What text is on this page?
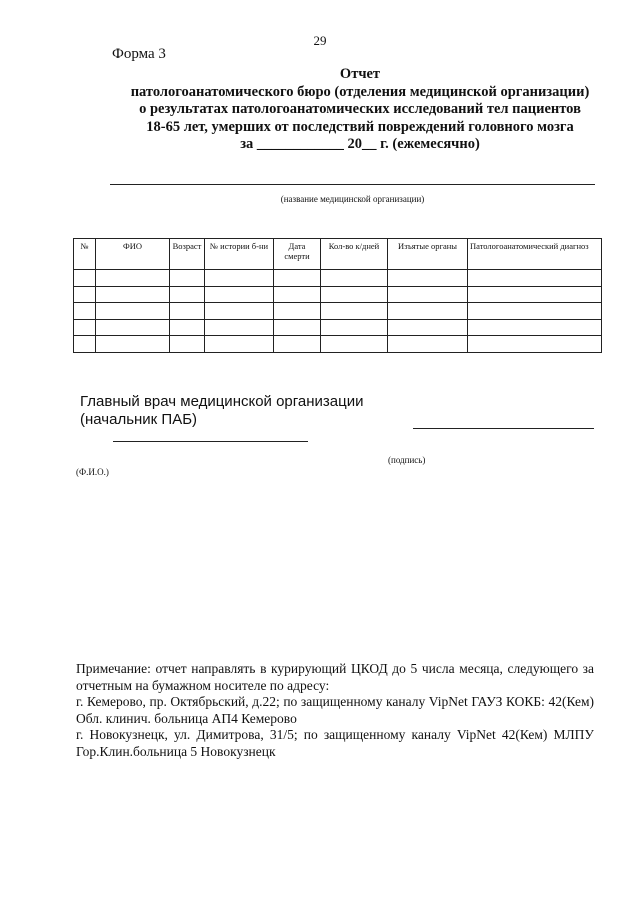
29
Форма 3
Отчет
патологоанатомического бюро (отделения медицинской организации)
о результатах патологоанатомических исследований тел пациентов
18-65 лет, умерших от последствий повреждений головного мозга
за ____________ 20__ г. (ежемесячно)
(название медицинской организации)
№	ФИО	Возраст	№ истории б-ни	Дата смерти	Кол-во к/дней	Изъятые органы	Патологоанатомический диагноз

Главный врач медицинской организации
(начальник ПАБ)
(подпись)
(Ф.И.О.)

Примечание: отчет направлять в курирующий ЦКОД до 5 числа месяца, следующего за отчетным на бумажном носителе по адресу:

г. Кемерово, пр. Октябрьский, д.22; по защищенному каналу VipNet ГАУЗ КОКБ: 42(Кем) Обл. клинич. больница АП4 Кемерово

г. Новокузнецк, ул. Димитрова, 31/5; по защищенному каналу VipNet 42(Кем) МЛПУ Гор.Клин.больница 5 Новокузнецк
